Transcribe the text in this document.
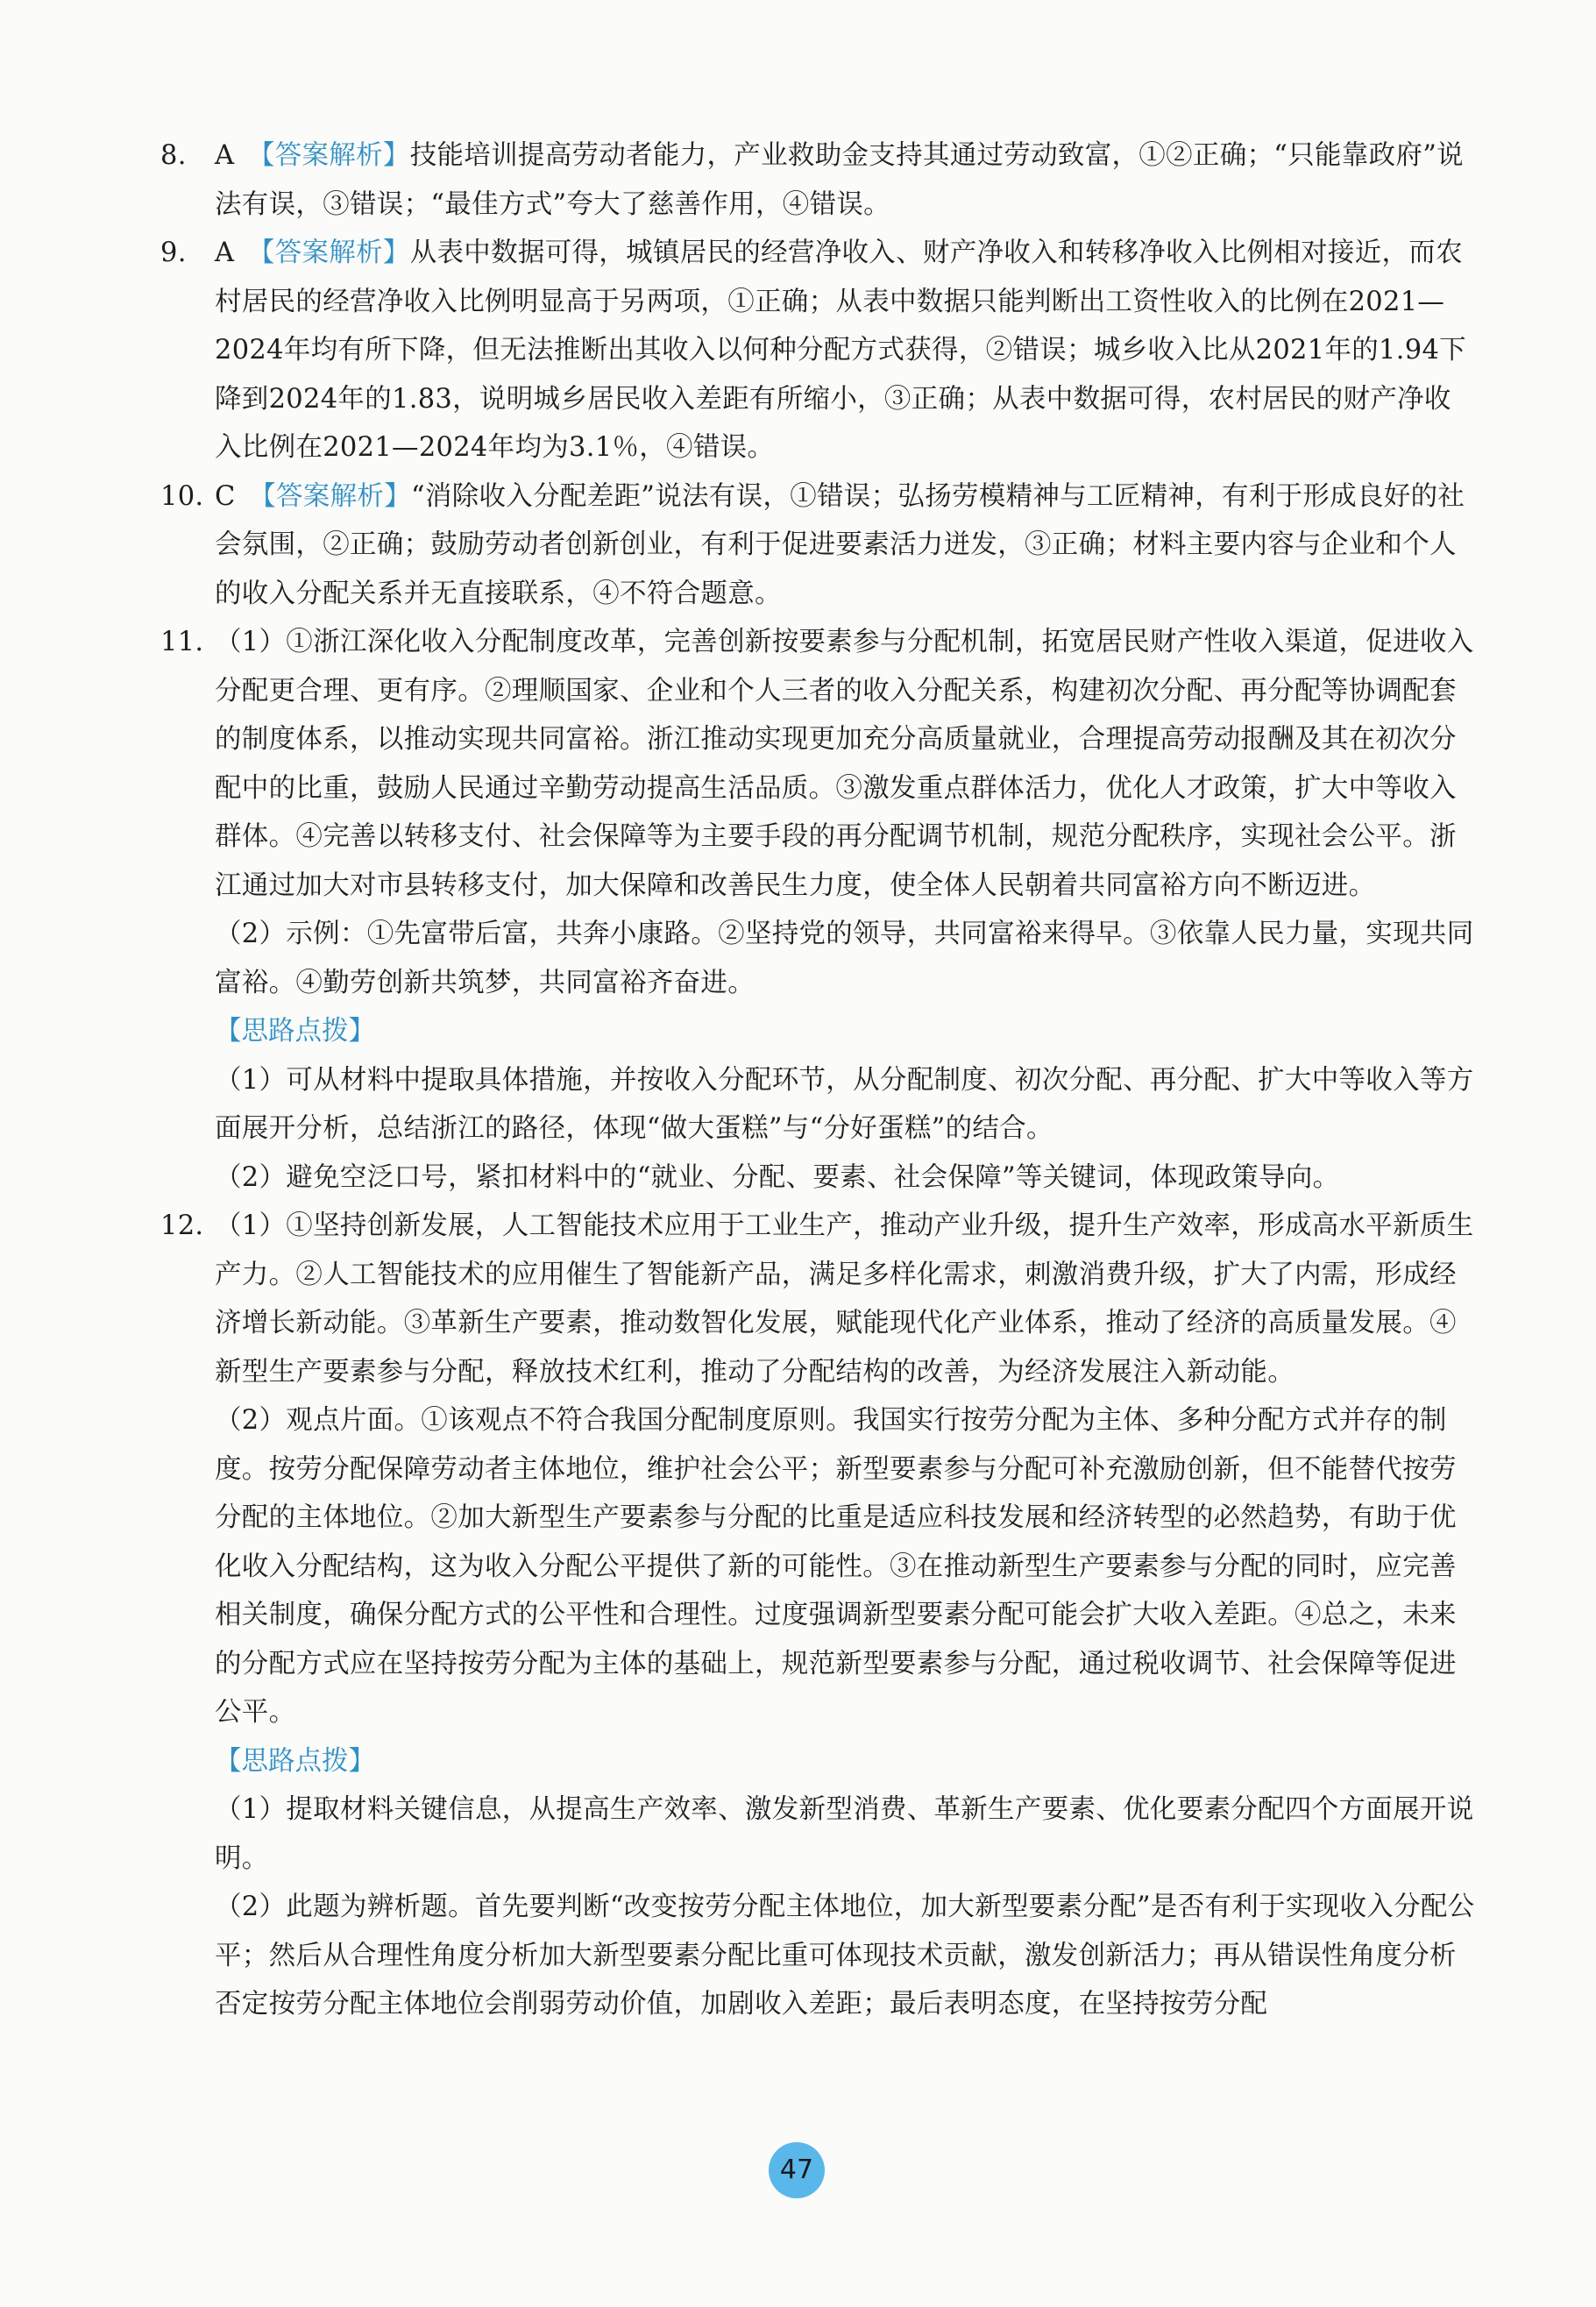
8. A　 【答案解析】技能培训提高劳动者能力，产业救助金支持其通过劳动致富，①②正确；“只能靠政府”说法有误，③错误；“最佳方式”夸大了慈善作用，④错误。
9. A　 【答案解析】从表中数据可得，城镇居民的经营净收入、财产净收入和转移净收入比例相对接近，而农村居民的经营净收入比例明显高于另两项，①正确；从表中数据只能判断出工资性收入的比例在2021—2024年均有所下降，但无法推断出其收入以何种分配方式获得，②错误；城乡收入比从2021年的1.94下降到2024年的1.83，说明城乡居民收入差距有所缩小，③正确；从表中数据可得，农村居民的财产净收入比例在2021—2024年均为3.1％，④错误。
10. C　 【答案解析】“消除收入分配差距”说法有误，①错误；弘扬劳模精神与工匠精神，有利于形成良好的社会氛围，②正确；鼓励劳动者创新创业，有利于促进要素活力迸发，③正确；材料主要内容与企业和个人的收入分配关系并无直接联系，④不符合题意。
11. （1）①浙江深化收入分配制度改革，完善创新按要素参与分配机制，拓宽居民财产性收入渠道，促进收入分配更合理、更有序。②理顺国家、企业和个人三者的收入分配关系，构建初次分配、再分配等协调配套的制度体系，以推动实现共同富裕。浙江推动实现更加充分高质量就业，合理提高劳动报酬及其在初次分配中的比重，鼓励人民通过辛勤劳动提高生活品质。③激发重点群体活力，优化人才政策，扩大中等收入群体。④完善以转移支付、社会保障等为主要手段的再分配调节机制，规范分配秩序，实现社会公平。浙江通过加大对市县转移支付，加大保障和改善民生力度，使全体人民朝着共同富裕方向不断迈进。
（2）示例：①先富带后富，共奔小康路。②坚持党的领导，共同富裕来得早。③依靠人民力量，实现共同富裕。④勤劳创新共筑梦，共同富裕齐奋进。
【思路点拨】
（1）可从材料中提取具体措施，并按收入分配环节，从分配制度、初次分配、再分配、扩大中等收入等方面展开分析，总结浙江的路径，体现“做大蛋糕”与“分好蛋糕”的结合。
（2）避免空泛口号，紧扣材料中的“就业、分配、要素、社会保障”等关键词，体现政策导向。
12. （1）①坚持创新发展，人工智能技术应用于工业生产，推动产业升级，提升生产效率，形成高水平新质生产力。②人工智能技术的应用催生了智能新产品，满足多样化需求，刺激消费升级，扩大了内需，形成经济增长新动能。③革新生产要素，推动数智化发展，赋能现代化产业体系，推动了经济的高质量发展。④新型生产要素参与分配，释放技术红利，推动了分配结构的改善，为经济发展注入新动能。
（2）观点片面。①该观点不符合我国分配制度原则。我国实行按劳分配为主体、多种分配方式并存的制度。按劳分配保障劳动者主体地位，维护社会公平；新型要素参与分配可补充激励创新，但不能替代按劳分配的主体地位。②加大新型生产要素参与分配的比重是适应科技发展和经济转型的必然趋势，有助于优化收入分配结构，这为收入分配公平提供了新的可能性。③在推动新型生产要素参与分配的同时，应完善相关制度，确保分配方式的公平性和合理性。过度强调新型要素分配可能会扩大收入差距。④总之，未来的分配方式应在坚持按劳分配为主体的基础上，规范新型要素参与分配，通过税收调节、社会保障等促进公平。
【思路点拨】
（1）提取材料关键信息，从提高生产效率、激发新型消费、革新生产要素、优化要素分配四个方面展开说明。
（2）此题为辨析题。首先要判断“改变按劳分配主体地位，加大新型要素分配”是否有利于实现收入分配公平；然后从合理性角度分析加大新型要素分配比重可体现技术贡献，激发创新活力；再从错误性角度分析否定按劳分配主体地位会削弱劳动价值，加剧收入差距；最后表明态度，在坚持按劳分配
47
